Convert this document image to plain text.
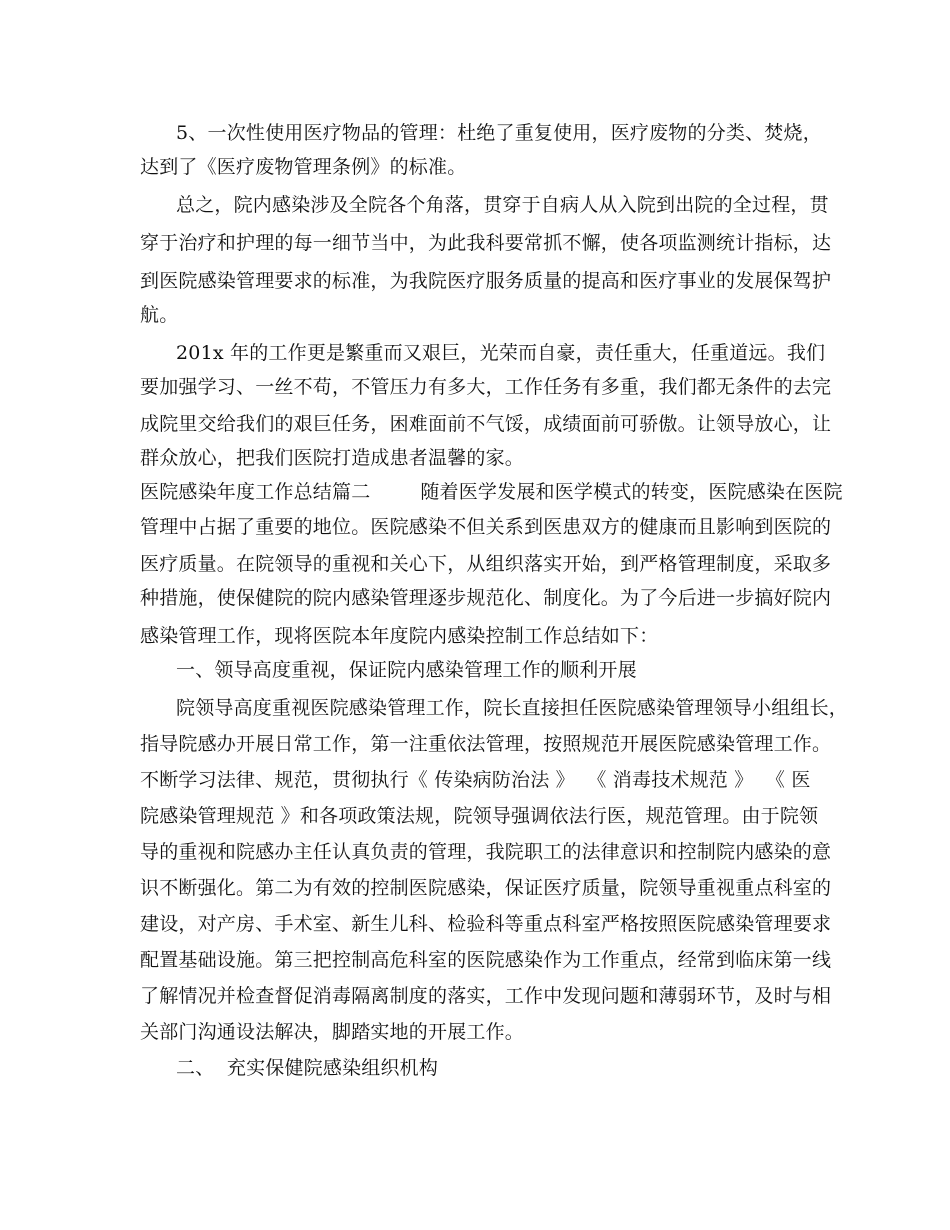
5、一次性使用医疗物品的管理：杜绝了重复使用，医疗废物的分类、焚烧，
达到了《医疗废物管理条例》的标准。
总之，院内感染涉及全院各个角落，贯穿于自病人从入院到出院的全过程，贯
穿于治疗和护理的每一细节当中，为此我科要常抓不懈，使各项监测统计指标，达
到医院感染管理要求的标准，为我院医疗服务质量的提高和医疗事业的发展保驾护
航。
201x 年的工作更是繁重而又艰巨，光荣而自豪，责任重大，任重道远。我们
要加强学习、一丝不苟，不管压力有多大，工作任务有多重，我们都无条件的去完
成院里交给我们的艰巨任务，困难面前不气馁，成绩面前可骄傲。让领导放心，让
群众放心，把我们医院打造成患者温馨的家。
医院感染年度工作总结篇二        随着医学发展和医学模式的转变，医院感染在医院
管理中占据了重要的地位。医院感染不但关系到医患双方的健康而且影响到医院的
医疗质量。在院领导的重视和关心下，从组织落实开始，到严格管理制度，采取多
种措施，使保健院的院内感染管理逐步规范化、制度化。为了今后进一步搞好院内
感染管理工作，现将医院本年度院内感染控制工作总结如下：
一、领导高度重视，保证院内感染管理工作的顺利开展
院领导高度重视医院感染管理工作，院长直接担任医院感染管理领导小组组长，
指导院感办开展日常工作，第一注重依法管理，按照规范开展医院感染管理工作。
不断学习法律、规范，贯彻执行《 传染病防治法 》  《 消毒技术规范 》  《 医
院感染管理规范 》和各项政策法规，院领导强调依法行医，规范管理。由于院领
导的重视和院感办主任认真负责的管理，我院职工的法律意识和控制院内感染的意
识不断强化。第二为有效的控制医院感染，保证医疗质量，院领导重视重点科室的
建设，对产房、手术室、新生儿科、检验科等重点科室严格按照医院感染管理要求
配置基础设施。第三把控制高危科室的医院感染作为工作重点，经常到临床第一线
了解情况并检查督促消毒隔离制度的落实，工作中发现问题和薄弱环节，及时与相
关部门沟通设法解决，脚踏实地的开展工作。
二、  充实保健院感染组织机构
